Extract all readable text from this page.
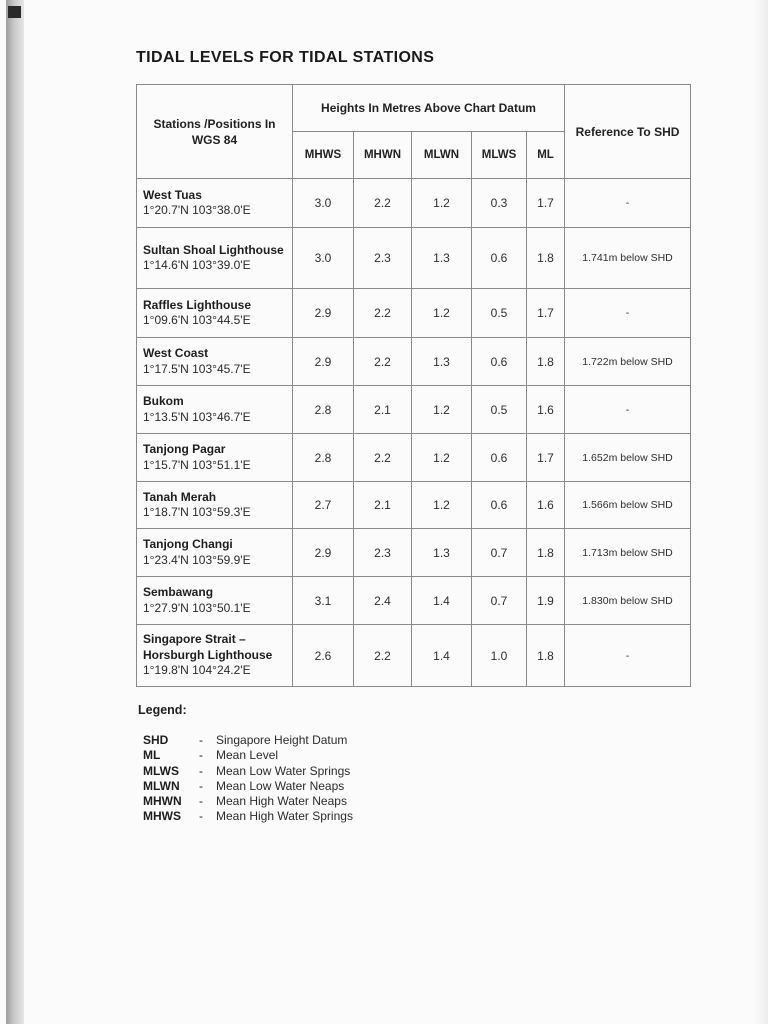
TIDAL LEVELS FOR TIDAL STATIONS
Stations /Positions In WGS 84	Heights In Metres Above Chart Datum					Reference To SHD
	MHWS	MHWN	MLWN	MLWS	ML	

West Tuas
1°20.7'N 103°38.0'E	3.0	2.2	1.2	0.3	1.7	-

Sultan Shoal Lighthouse
1°14.6'N 103°39.0'E	3.0	2.3	1.3	0.6	1.8	1.741m below SHD

Raffles Lighthouse
1°09.6'N 103°44.5'E	2.9	2.2	1.2	0.5	1.7	-

West Coast
1°17.5'N 103°45.7'E	2.9	2.2	1.3	0.6	1.8	1.722m below SHD

Bukom
1°13.5'N 103°46.7'E	2.8	2.1	1.2	0.5	1.6	-

Tanjong Pagar
1°15.7'N 103°51.1'E	2.8	2.2	1.2	0.6	1.7	1.652m below SHD

Tanah Merah
1°18.7'N 103°59.3'E	2.7	2.1	1.2	0.6	1.6	1.566m below SHD

Tanjong Changi
1°23.4'N 103°59.9'E	2.9	2.3	1.3	0.7	1.8	1.713m below SHD

Sembawang
1°27.9'N 103°50.1'E	3.1	2.4	1.4	0.7	1.9	1.830m below SHD

Singapore Strait – Horsburgh Lighthouse
1°19.8'N 104°24.2'E	2.6	2.2	1.4	1.0	1.8	-
Legend:
SHD	-	Singapore Height Datum
ML	-	Mean Level
MLWS	-	Mean Low Water Springs
MLWN	-	Mean Low Water Neaps
MHWN	-	Mean High Water Neaps
MHWS	-	Mean High Water Springs
